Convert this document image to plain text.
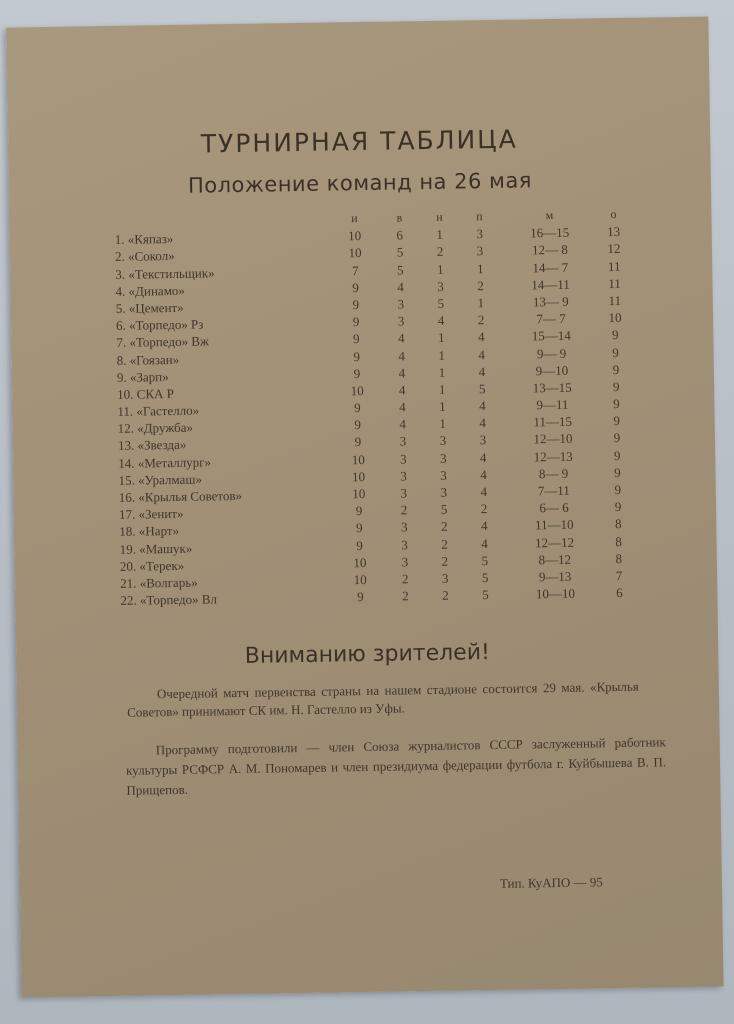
ТУРНИРНАЯ ТАБЛИЦА
Положение команд на 26 мая
и	в	н	п	м	о
1. «Кяпаз»	10	6	1	3	16—15	13
2. «Сокол»	10	5	2	3	12— 8	12
3. «Текстильщик»	7	5	1	1	14— 7	11
4. «Динамо»	9	4	3	2	14—11	11
5. «Цемент»	9	3	5	1	13— 9	11
6. «Торпедо» Рз	9	3	4	2	7— 7	10
7. «Торпедо» Вж	9	4	1	4	15—14	9
8. «Гоязан»	9	4	1	4	9— 9	9
9. «Зарп»	9	4	1	4	9—10	9
10. СКА Р	10	4	1	5	13—15	9
11. «Гастелло»	9	4	1	4	9—11	9
12. «Дружба»	9	4	1	4	11—15	9
13. «Звезда»	9	3	3	3	12—10	9
14. «Металлург»	10	3	3	4	12—13	9
15. «Уралмаш»	10	3	3	4	8— 9	9
16. «Крылья Советов»	10	3	3	4	7—11	9
17. «Зенит»	9	2	5	2	6— 6	9
18. «Нарт»	9	3	2	4	11—10	8
19. «Машук»	9	3	2	4	12—12	8
20. «Терек»	10	3	2	5	8—12	8
21. «Волгарь»	10	2	3	5	9—13	7
22. «Торпедо» Вл	9	2	2	5	10—10	6
Вниманию зрителей!
Очередной матч первенства страны на нашем стадионе состоится 29 мая. «Крылья Советов» принимают СК им. Н. Гастелло из Уфы.
Программу подготовили — член Союза журналистов СССР заслуженный работник культуры РСФСР А. М. Пономарев и член президиума федерации футбола г. Куйбышева В. П. Прищепов.
Тип. КуАПО — 95
